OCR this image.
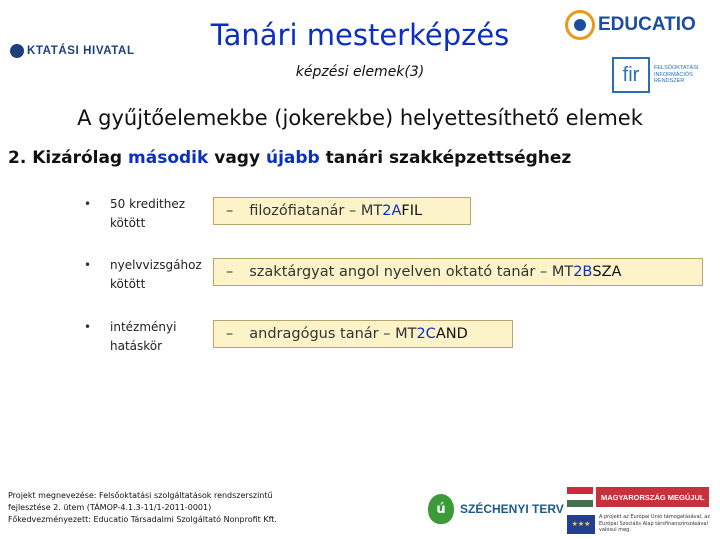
KTATÁSI HIVATAL	Tanári mesterképzés
képzési elemek(3)
EDUCATIO
fir	FELSŐOKTATÁSI INFORMÁCIÓS RENDSZER
A gyűjtőelemekbe (jokerekbe) helyettesíthető elemek
2. Kizárólag második vagy újabb tanári szakképzettséghez
• 50 kredithez kötött
– filozófiatanár – MT 2A FIL
• nyelvvizsgához kötött
– szaktárgyat angol nyelven oktató tanár – MT 2B SZA
• intézményi hatáskör
– andragógus tanár – MT 2C AND
Projekt megnevezése: Felsőoktatási szolgáltatások rendszerszintű
fejlesztése 2. ütem (TÁMOP-4.1.3-11/1-2011-0001)
Főkedvezményezett: Educatio Társadalmi Szolgáltató Nonprofit Kft.
ú	SZÉCHENYI TERV
MAGYARORSZÁG MEGÚJUL
★★★
A projekt az Európai Unió támogatásával, az Európai Szociális Alap társfinanszírozásával valósul meg.
